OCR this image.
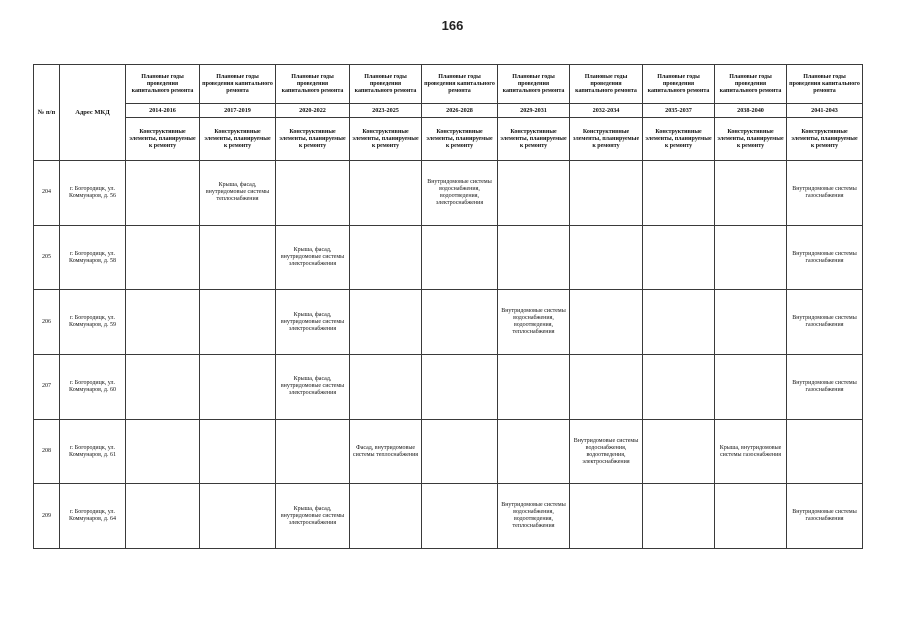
166
№ п/п	Адрес МКД	Плановые годы проведения капитального ремонта	Плановые годы проведения капитального ремонта	Плановые годы проведения капитального ремонта	Плановые годы проведения капитального ремонта	Плановые годы проведения капитального ремонта	Плановые годы проведения капитального ремонта	Плановые годы проведения капитального ремонта	Плановые годы проведения капитального ремонта	Плановые годы проведения капитального ремонта	Плановые годы проведения капитального ремонта
		2014-2016	2017-2019	2020-2022	2023-2025	2026-2028	2029-2031	2032-2034	2035-2037	2038-2040	2041-2043
		Конструктивные элементы, планируемые к ремонту	Конструктивные элементы, планируемые к ремонту	Конструктивные элементы, планируемые к ремонту	Конструктивные элементы, планируемые к ремонту	Конструктивные элементы, планируемые к ремонту	Конструктивные элементы, планируемые к ремонту	Конструктивные элементы, планируемые к ремонту	Конструктивные элементы, планируемые к ремонту	Конструктивные элементы, планируемые к ремонту	Конструктивные элементы, планируемые к ремонту
204	г. Богородицк, ул. Коммунаров, д. 56		Крыша, фасад, внутридомовые системы теплоснабжения			Внутридомовые системы водоснабжения, водоотведения, электроснабжения					Внутридомовые системы газоснабжения
205	г. Богородицк, ул. Коммунаров, д. 58			Крыша, фасад, внутридомовые системы электроснабжения							Внутридомовые системы газоснабжения
206	г. Богородицк, ул. Коммунаров, д. 59			Крыша, фасад, внутридомовые системы электроснабжения			Внутридомовые системы водоснабжения, водоотведения, теплоснабжения				Внутридомовые системы газоснабжения
207	г. Богородицк, ул. Коммунаров, д. 60			Крыша, фасад, внутридомовые системы электроснабжения							Внутридомовые системы газоснабжения
208	г. Богородицк, ул. Коммунаров, д. 61				Фасад, внутридомовые системы теплоснабжения			Внутридомовые системы водоснабжения, водоотведения, электроснабжения		Крыша, внутридомовые системы газоснабжения	
209	г. Богородицк, ул. Коммунаров, д. 64			Крыша, фасад, внутридомовые системы электроснабжения			Внутридомовые системы водоснабжения, водоотведения, теплоснабжения				Внутридомовые системы газоснабжения
